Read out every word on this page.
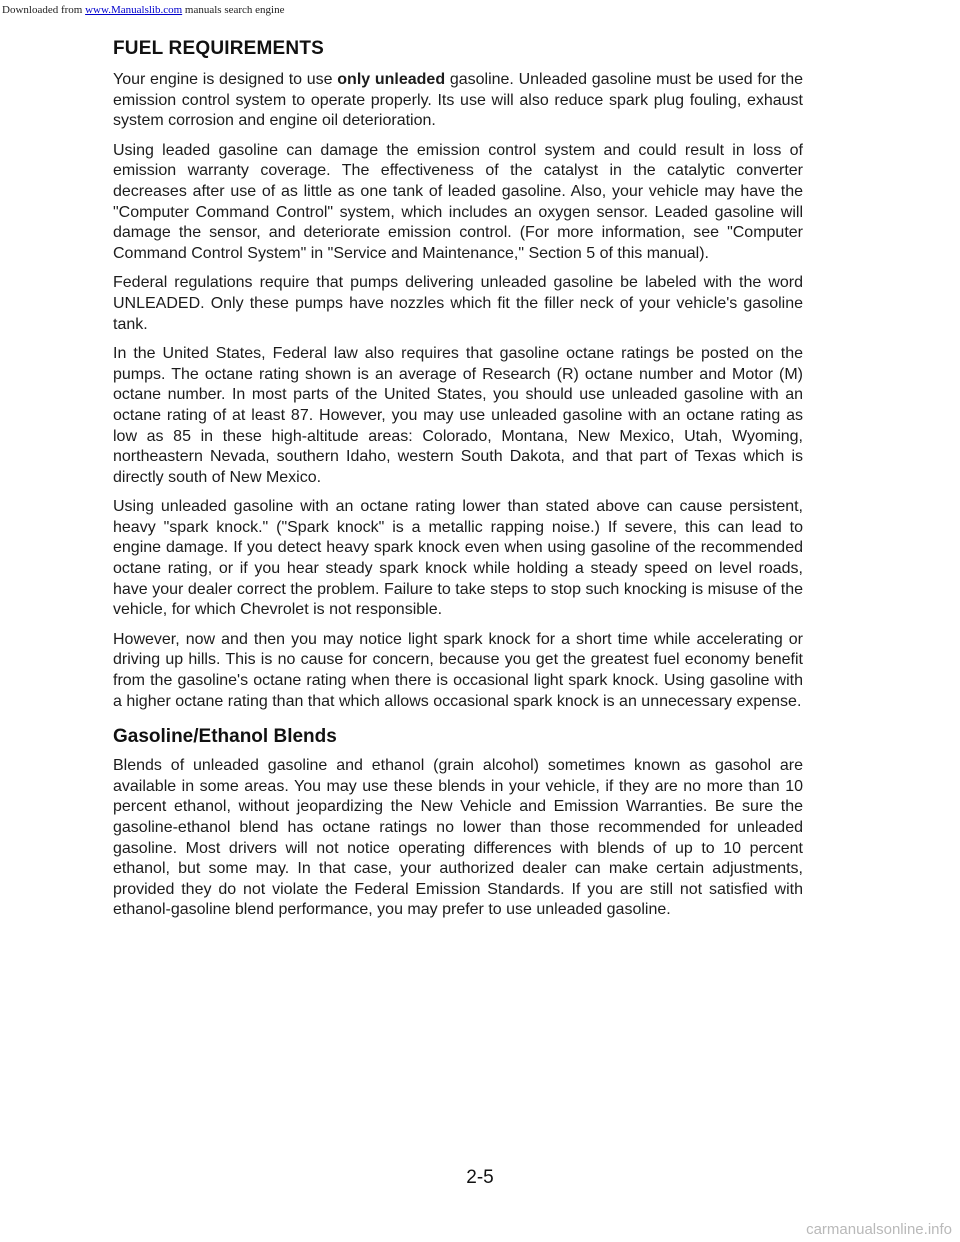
Downloaded from www.Manualslib.com manuals search engine
FUEL REQUIREMENTS

Your engine is designed to use only unleaded gasoline. Unleaded gasoline must be used for the emission control system to operate properly. Its use will also reduce spark plug fouling, exhaust system corrosion and engine oil deterioration.

Using leaded gasoline can damage the emission control system and could result in loss of emission warranty coverage. The effectiveness of the catalyst in the catalytic converter decreases after use of as little as one tank of leaded gasoline. Also, your vehicle may have the "Computer Command Control" system, which includes an oxygen sensor. Leaded gasoline will damage the sensor, and deteriorate emission control. (For more information, see "Computer Command Control System" in "Service and Maintenance," Section 5 of this manual).

Federal regulations require that pumps delivering unleaded gasoline be labeled with the word UNLEADED. Only these pumps have nozzles which fit the filler neck of your vehicle's gasoline tank.

In the United States, Federal law also requires that gasoline octane ratings be posted on the pumps. The octane rating shown is an average of Research (R) octane number and Motor (M) octane number. In most parts of the United States, you should use unleaded gasoline with an octane rating of at least 87. However, you may use unleaded gasoline with an octane rating as low as 85 in these high-altitude areas: Colorado, Montana, New Mexico, Utah, Wyoming, northeastern Nevada, southern Idaho, western South Dakota, and that part of Texas which is directly south of New Mexico.

Using unleaded gasoline with an octane rating lower than stated above can cause persistent, heavy "spark knock." ("Spark knock" is a metallic rapping noise.) If severe, this can lead to engine damage. If you detect heavy spark knock even when using gasoline of the recommended octane rating, or if you hear steady spark knock while holding a steady speed on level roads, have your dealer correct the problem. Failure to take steps to stop such knocking is misuse of the vehicle, for which Chevrolet is not responsible.

However, now and then you may notice light spark knock for a short time while accelerating or driving up hills. This is no cause for concern, because you get the greatest fuel economy benefit from the gasoline's octane rating when there is occasional light spark knock. Using gasoline with a higher octane rating than that which allows occasional spark knock is an unnecessary expense.

Gasoline/Ethanol Blends

Blends of unleaded gasoline and ethanol (grain alcohol) sometimes known as gasohol are available in some areas. You may use these blends in your vehicle, if they are no more than 10 percent ethanol, without jeopardizing the New Vehicle and Emission Warranties. Be sure the gasoline-ethanol blend has octane ratings no lower than those recommended for unleaded gasoline. Most drivers will not notice operating differences with blends of up to 10 percent ethanol, but some may. In that case, your authorized dealer can make certain adjustments, provided they do not violate the Federal Emission Standards. If you are still not satisfied with ethanol-gasoline blend performance, you may prefer to use unleaded gasoline.

2-5
carmanualsonline.info
